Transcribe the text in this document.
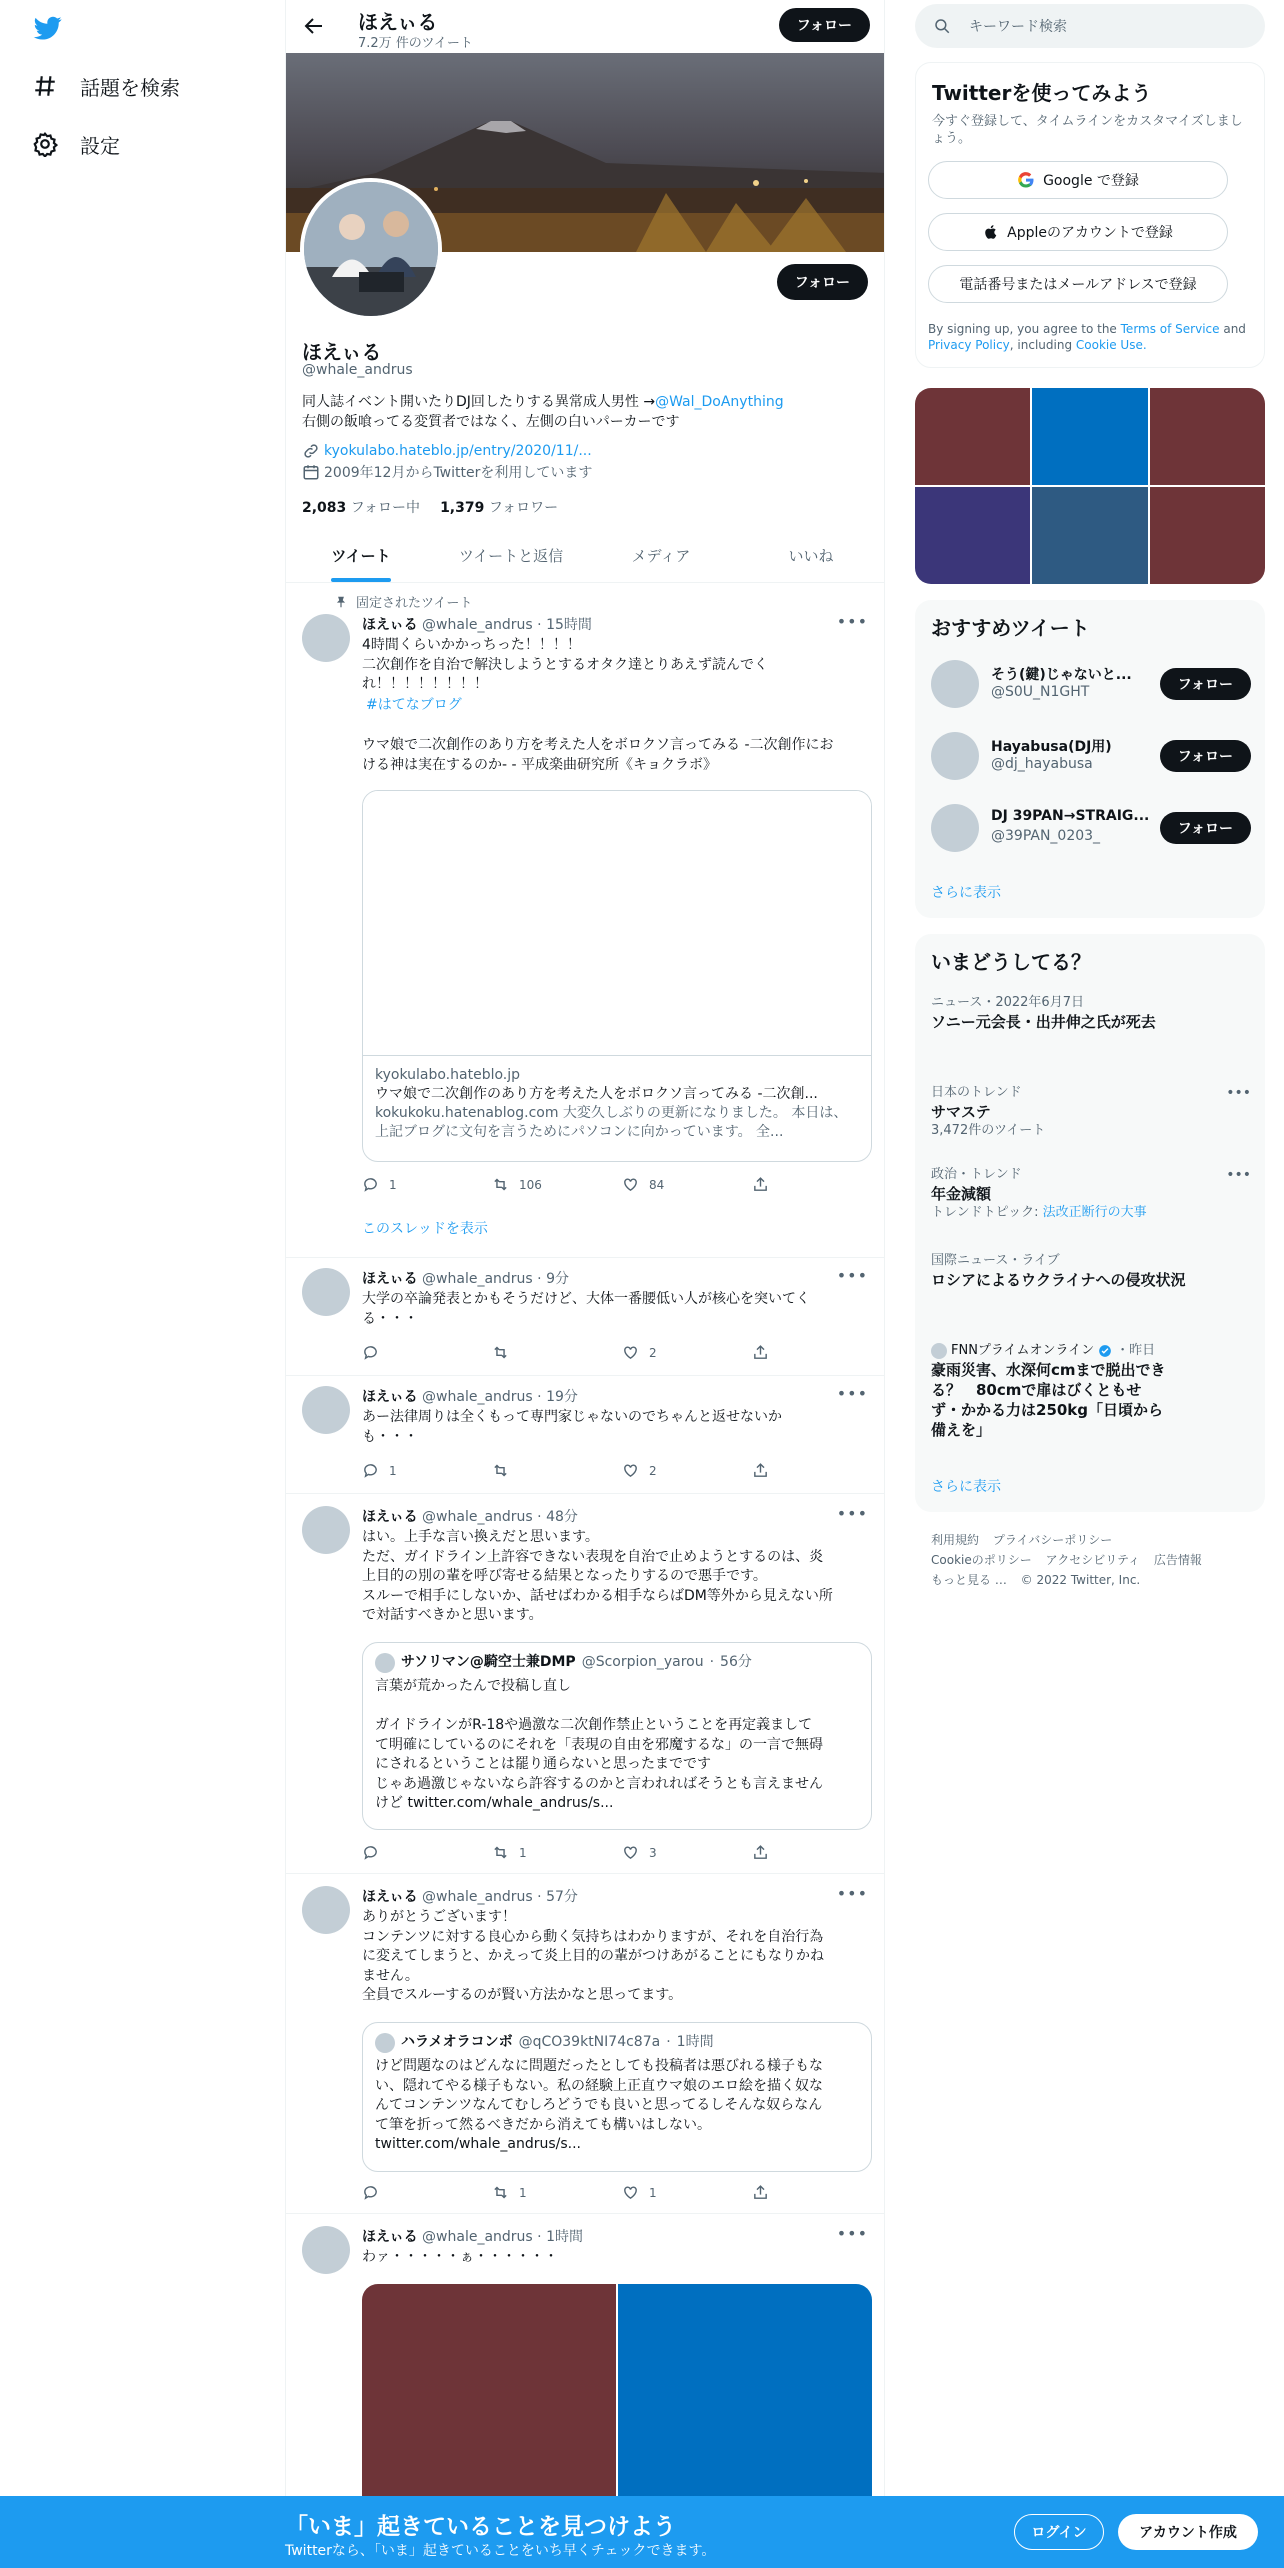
話題を検索
設定
ほえぃる
7.2万 件のツイート
フォロー
フォロー
ほえぃる
@whale_andrus
同人誌イベント開いたりDJ回したりする異常成人男性 →@Wal_DoAnything
右側の飯喰ってる変質者ではなく、左側の白いパーカーです
kyokulabo.hateblo.jp/entry/2020/11/...
2009年12月からTwitterを利用しています
2,083 フォロー中 1,379 フォロワー
ツイート	ツイートと返信	メディア	いいね
固定されたツイート
ほえぃる @whale_andrus · 15時間	•••
4時間くらいかかっちった！！！！
二次創作を自治で解決しようとするオタク達とりあえず読んでく
れ！！！！！！！！
#はてなブログ
ウマ娘で二次創作のあり方を考えた人をボロクソ言ってみる -二次創作にお
ける神は実在するのか- - 平成楽曲研究所《キョクラボ》
kyokulabo.hateblo.jp
ウマ娘で二次創作のあり方を考えた人をボロクソ言ってみる -二次創...
kokukoku.hatenablog.com 大変久しぶりの更新になりました。 本日は、上記ブログに文句を言うためにパソコンに向かっています。 全...
1	106	84
このスレッドを表示
ほえぃる @whale_andrus · 9分	•••
大学の卒論発表とかもそうだけど、大体一番腰低い人が核心を突いてく
る・・・
2
ほえぃる @whale_andrus · 19分	•••
あー法律周りは全くもって専門家じゃないのでちゃんと返せないか
も・・・
1	2
ほえぃる @whale_andrus · 48分	•••
はい。上手な言い換えだと思います。
ただ、ガイドライン上許容できない表現を自治で止めようとするのは、炎
上目的の別の輩を呼び寄せる結果となったりするので悪手です。
スルーで相手にしないか、話せばわかる相手ならばDM等外から見えない所
で対話すべきかと思います。
サソリマン@騎空士兼DMP @Scorpion_yarou · 56分
言葉が荒かったんで投稿し直し

ガイドラインがR-18や過激な二次創作禁止ということを再定義まして
て明確にしているのにそれを「表現の自由を邪魔するな」の一言で無碍
にされるということは罷り通らないと思ったまでです
じゃあ過激じゃないなら許容するのかと言われればそうとも言えません
けど twitter.com/whale_andrus/s...
1	3
ほえぃる @whale_andrus · 57分	•••
ありがとうございます！
コンテンツに対する良心から動く気持ちはわかりますが、それを自治行為
に変えてしまうと、かえって炎上目的の輩がつけあがることにもなりかね
ません。
全員でスルーするのが賢い方法かなと思ってます。
ハラメオラコンボ @qCO39ktNI74c87a · 1時間
けど問題なのはどんなに問題だったとしても投稿者は悪びれる様子もな
い、隠れてやる様子もない。私の経験上正直ウマ娘のエロ絵を描く奴な
んてコンテンツなんてむしろどうでも良いと思ってるしそんな奴らなん
て筆を折って然るべきだから消えても構いはしない。
twitter.com/whale_andrus/s...
1	1
ほえぃる @whale_andrus · 1時間	•••
わァ・・・・・ぁ・・・・・・
キーワード検索
Twitterを使ってみよう
今すぐ登録して、タイムラインをカスタマイズしましょう。
Google で登録
Appleのアカウントで登録
電話番号またはメールアドレスで登録
By signing up, you agree to the Terms of Service and Privacy Policy, including Cookie Use.
おすすめツイート
そう(鍵)じゃないと...
@S0U_N1GHT	フォロー
Hayabusa(DJ用)
@dj_hayabusa	フォロー
DJ 39PAN→STRAIG...
@39PAN_0203_	フォロー
さらに表示
いまどうしてる？
ニュース・2022年6月7日
ソニー元会長・出井伸之氏が死去
日本のトレンド
サマステ
3,472件のツイート
•••
政治・トレンド
年金減額
トレンドトピック: 法改正断行の大事
•••
国際ニュース・ライブ
ロシアによるウクライナへの侵攻状況
FNNプライムオンライン ・昨日
豪雨災害、水深何cmまで脱出できる？　80cmで扉はびくともせず・かかる力は250kg「日頃から備えを」
さらに表示
利用規約 プライバシーポリシー
Cookieのポリシー アクセシビリティ 広告情報
もっと見る … © 2022 Twitter, Inc.
「いま」起きていることを見つけよう
Twitterなら、「いま」起きていることをいち早くチェックできます。
ログイン	アカウント作成
